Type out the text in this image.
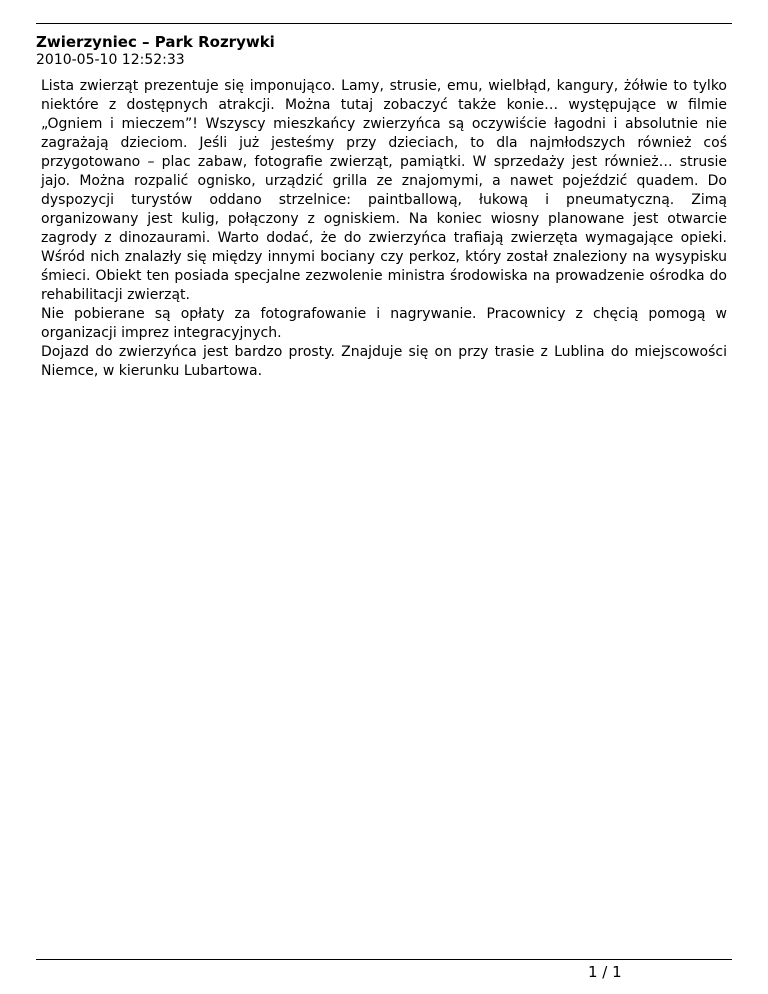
Zwierzyniec – Park Rozrywki
2010-05-10 12:52:33

Lista zwierząt prezentuje się imponująco. Lamy, strusie, emu, wielbłąd, kangury, żółwie to tylko niektóre z dostępnych atrakcji. Można tutaj zobaczyć także konie… występujące w filmie „Ogniem i mieczem”! Wszyscy mieszkańcy zwierzyńca są oczywiście łagodni i absolutnie nie zagrażają dzieciom. Jeśli już jesteśmy przy dzieciach, to dla najmłodszych również coś przygotowano – plac zabaw, fotografie zwierząt, pamiątki. W sprzedaży jest również… strusie jajo. Można rozpalić ognisko, urządzić grilla ze znajomymi, a nawet pojeździć quadem. Do dyspozycji turystów oddano strzelnice: paintballową, łukową i pneumatyczną. Zimą organizowany jest kulig, połączony z ogniskiem. Na koniec wiosny planowane jest otwarcie zagrody z dinozaurami. Warto dodać, że do zwierzyńca trafiają zwierzęta wymagające opieki. Wśród nich znalazły się między innymi bociany czy perkoz, który został znaleziony na wysypisku śmieci. Obiekt ten posiada specjalne zezwolenie ministra środowiska na prowadzenie ośrodka do rehabilitacji zwierząt.

Nie pobierane są opłaty za fotografowanie i nagrywanie. Pracownicy z chęcią pomogą w organizacji imprez integracyjnych.

Dojazd do zwierzyńca jest bardzo prosty. Znajduje się on przy trasie z Lublina do miejscowości Niemce, w kierunku Lubartowa.

1 / 1
